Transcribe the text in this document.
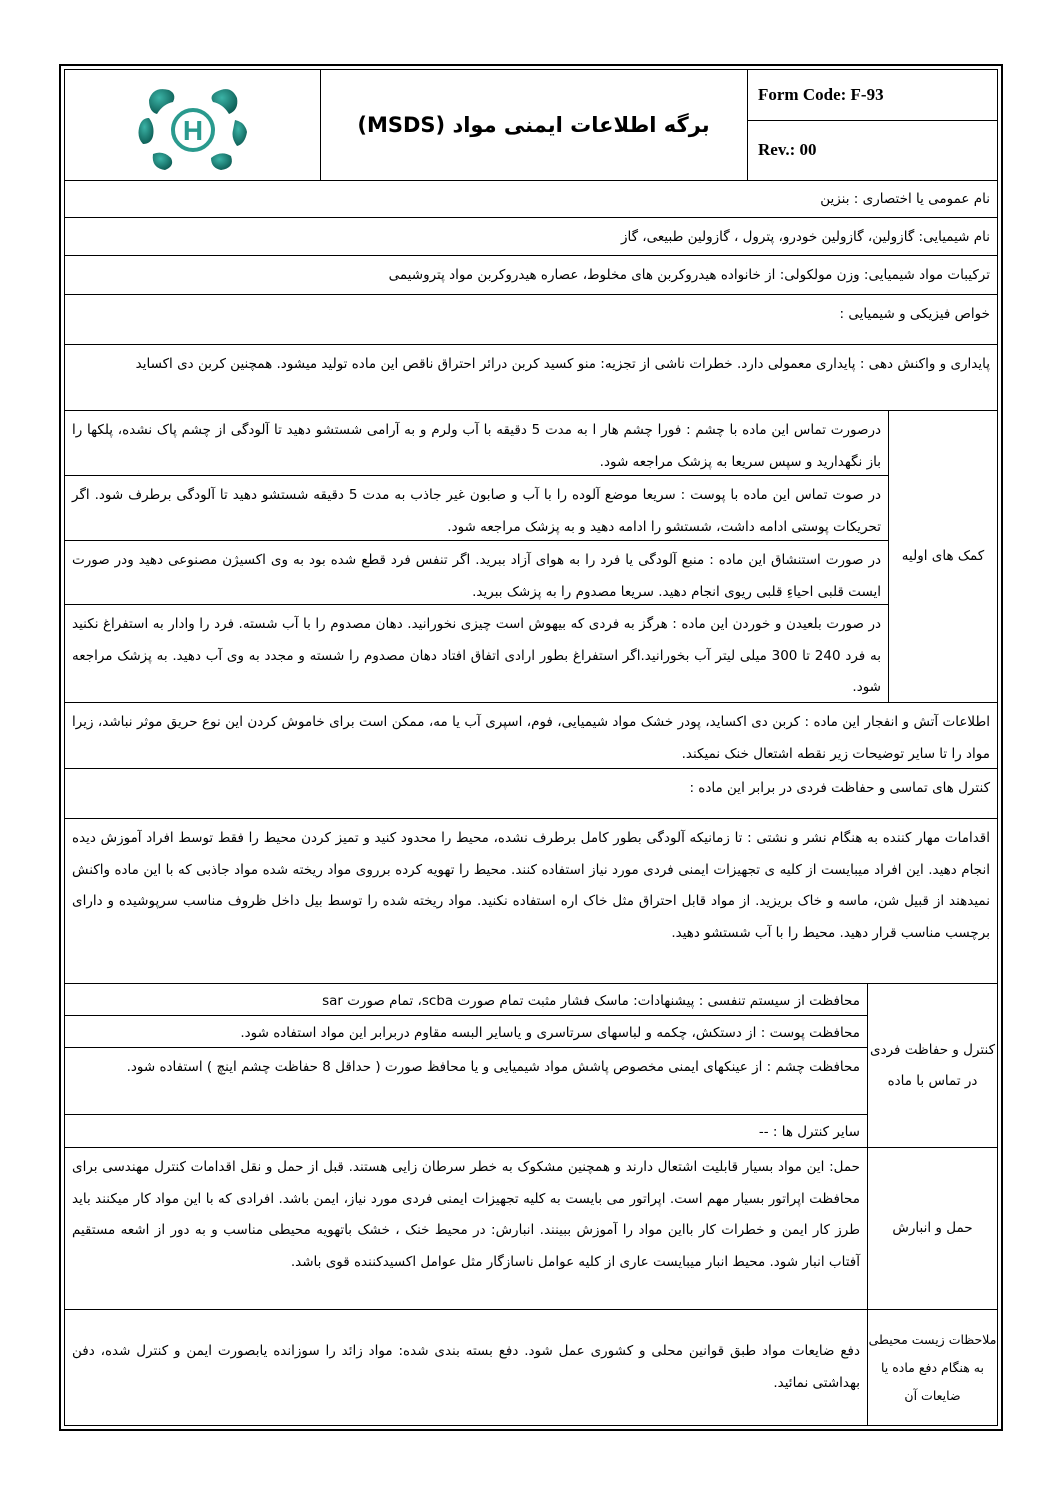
H	برگه اطلاعات ایمنی مواد (MSDS)
Form Code: F-93
Rev.: 00
نام عمومی یا اختصاری : بنزین
نام شیمیایی: گازولین، گازولین خودرو، پترول ، گازولین طبیعی، گاز
ترکیبات مواد شیمیایی: وزن مولکولی: از خانواده هیدروکربن های مخلوط، عصاره هیدروکربن مواد پتروشیمی
خواص فیزیکی و شیمیایی :
پایداری و واکنش دهی : پایداری معمولی دارد. خطرات ناشی از تجزیه: منو کسید کربن درائر احتراق ناقص این ماده تولید میشود. همچنین کربن دی اکساید
کمک های اولیه
درصورت تماس این ماده با چشم : فورا چشم هار ا به مدت 5 دقیقه با آب ولرم و به آرامی شستشو دهید تا آلودگی از چشم پاک نشده، پلکها را باز نگهدارید و سپس سریعا به پزشک مراجعه شود.
در صوت تماس این ماده با پوست : سریعا موضع آلوده را با آب و صابون غیر جاذب به مدت 5 دقیقه شستشو دهید تا آلودگی برطرف شود. اگر تحریکات پوستی ادامه داشت، شستشو را ادامه دهید و به پزشک مراجعه شود.
در صورت استنشاق این ماده : منبع آلودگی یا فرد را به هوای آزاد ببرید. اگر تنفس فرد قطع شده بود به وی اکسیژن مصنوعی دهید ودر صورت ایست قلبی احیاءِ قلبی ریوی انجام دهید. سریعا مصدوم را به پزشک ببرید.
در صورت بلعیدن و خوردن این ماده : هرگز به فردی که بیهوش است چیزی نخورانید. دهان مصدوم را با آب شسته. فرد را وادار به استفراغ نکنید به فرد 240 تا 300 میلی لیتر آب بخورانید.اگر استفراغ بطور ارادی اتفاق افتاد دهان مصدوم را شسته و مجدد به وی آب دهید. به پزشک مراجعه شود.
اطلاعات آتش و انفجار این ماده : کربن دی اکساید، پودر خشک مواد شیمیایی، فوم، اسپری آب یا مه، ممکن است برای خاموش کردن این نوع حریق موثر نباشد، زیرا مواد را تا سایر توضیحات زیر نقطه اشتعال خنک نمیکند.
کنترل های تماسی و حفاظت فردی در برابر این ماده :
اقدامات مهار کننده به هنگام نشر و نشتی : تا زمانیکه آلودگی بطور کامل برطرف نشده، محیط را محدود کنید و تمیز کردن محیط را فقط توسط افراد آموزش دیده انجام دهید. این افراد میبایست از کلیه ی تجهیزات ایمنی فردی مورد نیاز استفاده کنند. محیط را تهویه کرده برروی مواد ریخته شده مواد جاذبی که با این ماده واکنش نمیدهند از قبیل شن، ماسه و خاک بریزید. از مواد قابل احتراق مثل خاک اره استفاده نکنید. مواد ریخته شده را توسط بیل داخل ظروف مناسب سرپوشیده و دارای برچسب مناسب قرار دهید. محیط را با آب شستشو دهید.
کنترل و حفاظت فردی در تماس با ماده
محافظت از سیستم تنفسی : پیشنهادات: ماسک فشار مثبت تمام صورت scba، تمام صورت sar
محافظت پوست : از دستکش، چکمه و لباسهای سرتاسری و یاسایر البسه مقاوم دربرابر این مواد استفاده شود.
محافظت چشم : از عینکهای ایمنی مخصوص پاشش مواد شیمیایی و یا محافظ صورت ( حداقل 8 حفاظت چشم اینچ ) استفاده شود.
سایر کنترل ها : --
حمل و انبارش
حمل: این مواد بسیار قابلیت اشتعال دارند و همچنین مشکوک به خطر سرطان زایی هستند. قبل از حمل و نقل اقدامات کنترل مهندسی برای محافظت اپراتور بسیار مهم است. اپراتور می بایست به کلیه تجهیزات ایمنی فردی مورد نیاز، ایمن باشد. افرادی که با این مواد کار میکنند باید طرز کار ایمن و خطرات کار بااین مواد را آموزش ببینند. انبارش: در محیط خنک ، خشک باتهویه محیطی مناسب و به دور از اشعه مستقیم آفتاب انبار شود. محیط انبار میبایست عاری از کلیه عوامل ناسازگار مثل عوامل اکسیدکننده قوی باشد.
ملاحظات زیست محیطی به هنگام دفع ماده یا ضایعات آن
دفع ضایعات مواد طبق قوانین محلی و کشوری عمل شود. دفع بسته بندی شده: مواد زائد را سوزانده یابصورت ایمن و کنترل شده، دفن بهداشتی نمائید.
